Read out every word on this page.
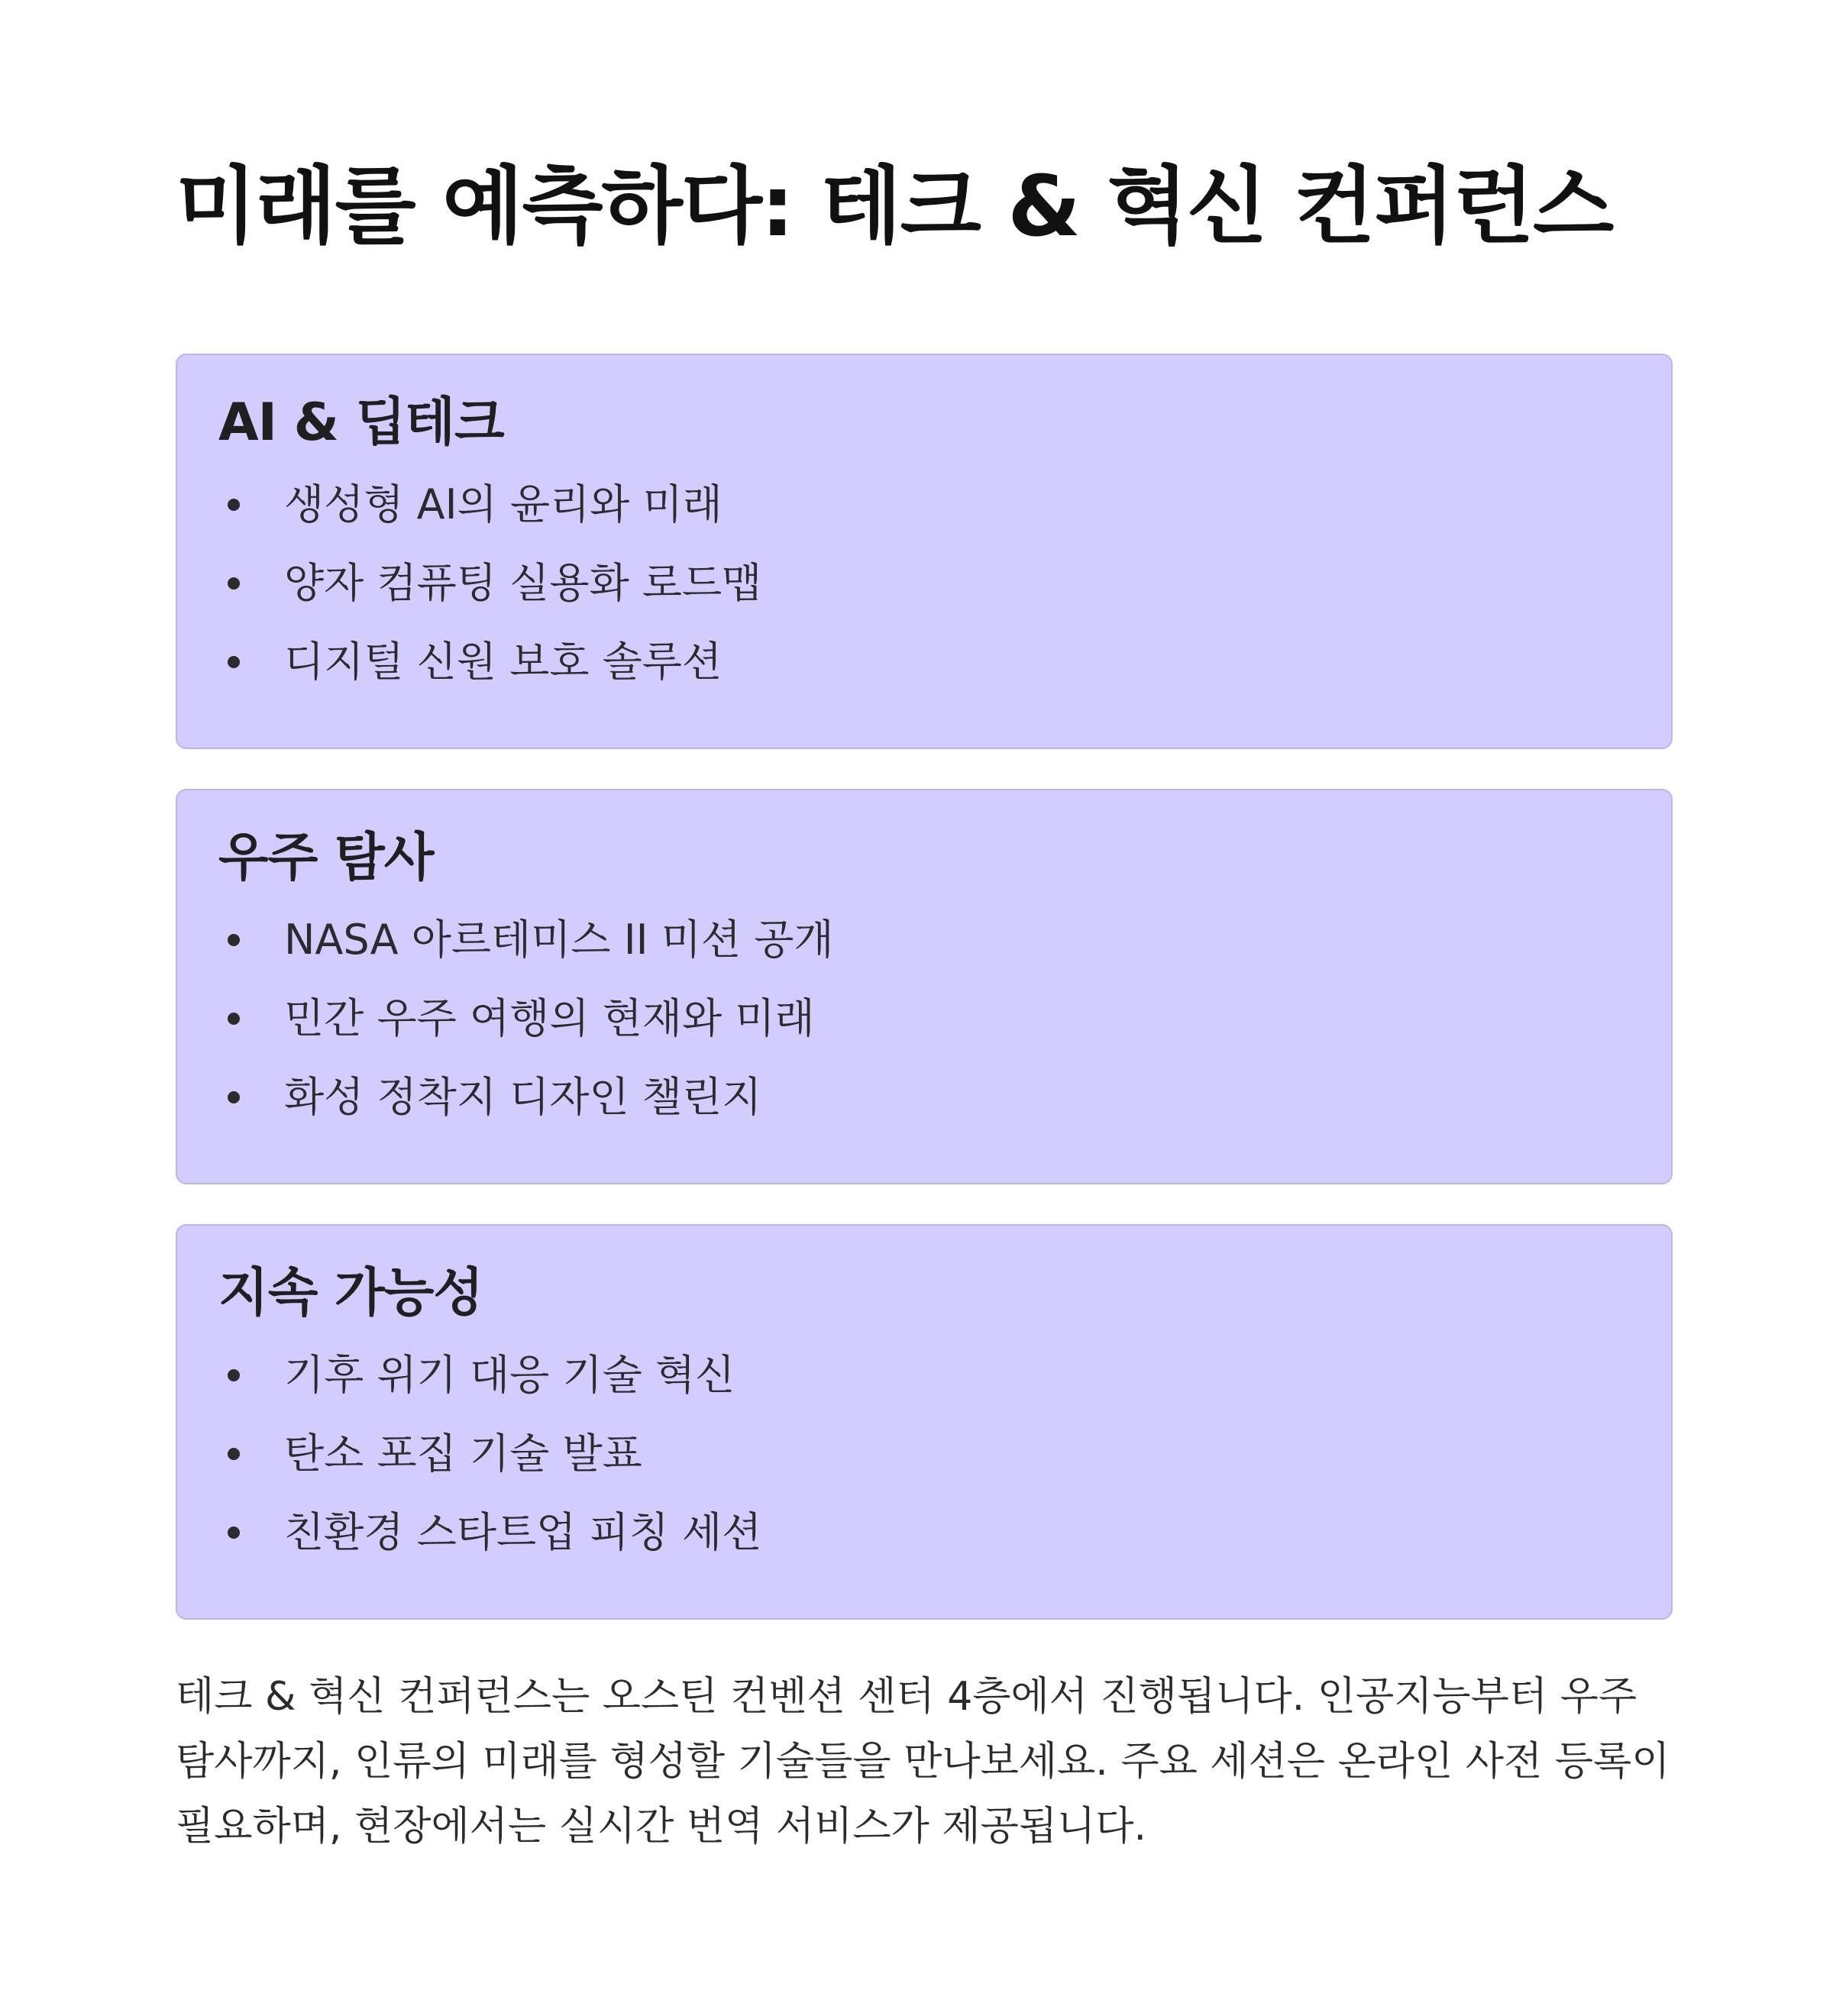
미래를 예측하다: 테크 & 혁신 컨퍼런스
AI & 딥테크
생성형 AI의 윤리와 미래
양자 컴퓨팅 실용화 로드맵
디지털 신원 보호 솔루션
우주 탐사
NASA 아르테미스 II 미션 공개
민간 우주 여행의 현재와 미래
화성 정착지 디자인 챌린지
지속 가능성
기후 위기 대응 기술 혁신
탄소 포집 기술 발표
친환경 스타트업 피칭 세션

테크 & 혁신 컨퍼런스는 오스틴 컨벤션 센터 4층에서 진행됩니다. 인공지능부터 우주 탐사까지, 인류의 미래를 형성할 기술들을 만나보세요. 주요 세션은 온라인 사전 등록이 필요하며, 현장에서는 실시간 번역 서비스가 제공됩니다.
